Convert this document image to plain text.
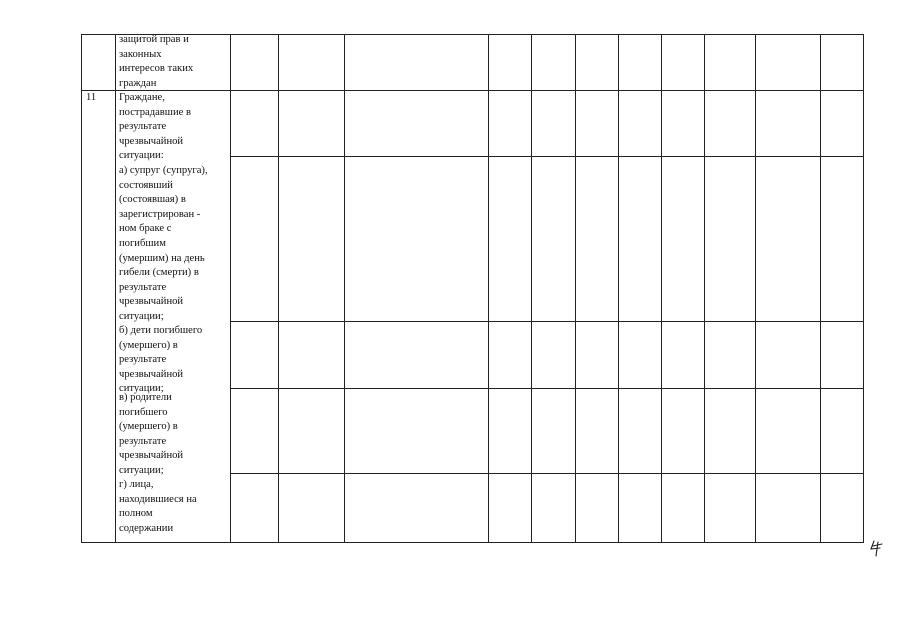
защитой прав и
законных
интересов таких
граждан
11 Граждане,
пострадавшие в
результате
чрезвычайной
ситуации:
а) супруг (супруга),
состоявший
(состоявшая) в
зарегистрирован -
ном браке с
погибшим
(умершим) на день
гибели (смерти) в
результате
чрезвычайной
ситуации;
б) дети погибшего
(умершего) в
результате
чрезвычайной
ситуации;
в) родители
погибшего
(умершего) в
результате
чрезвычайной
ситуации;
г) лица,
находившиеся на
полном
содержании
